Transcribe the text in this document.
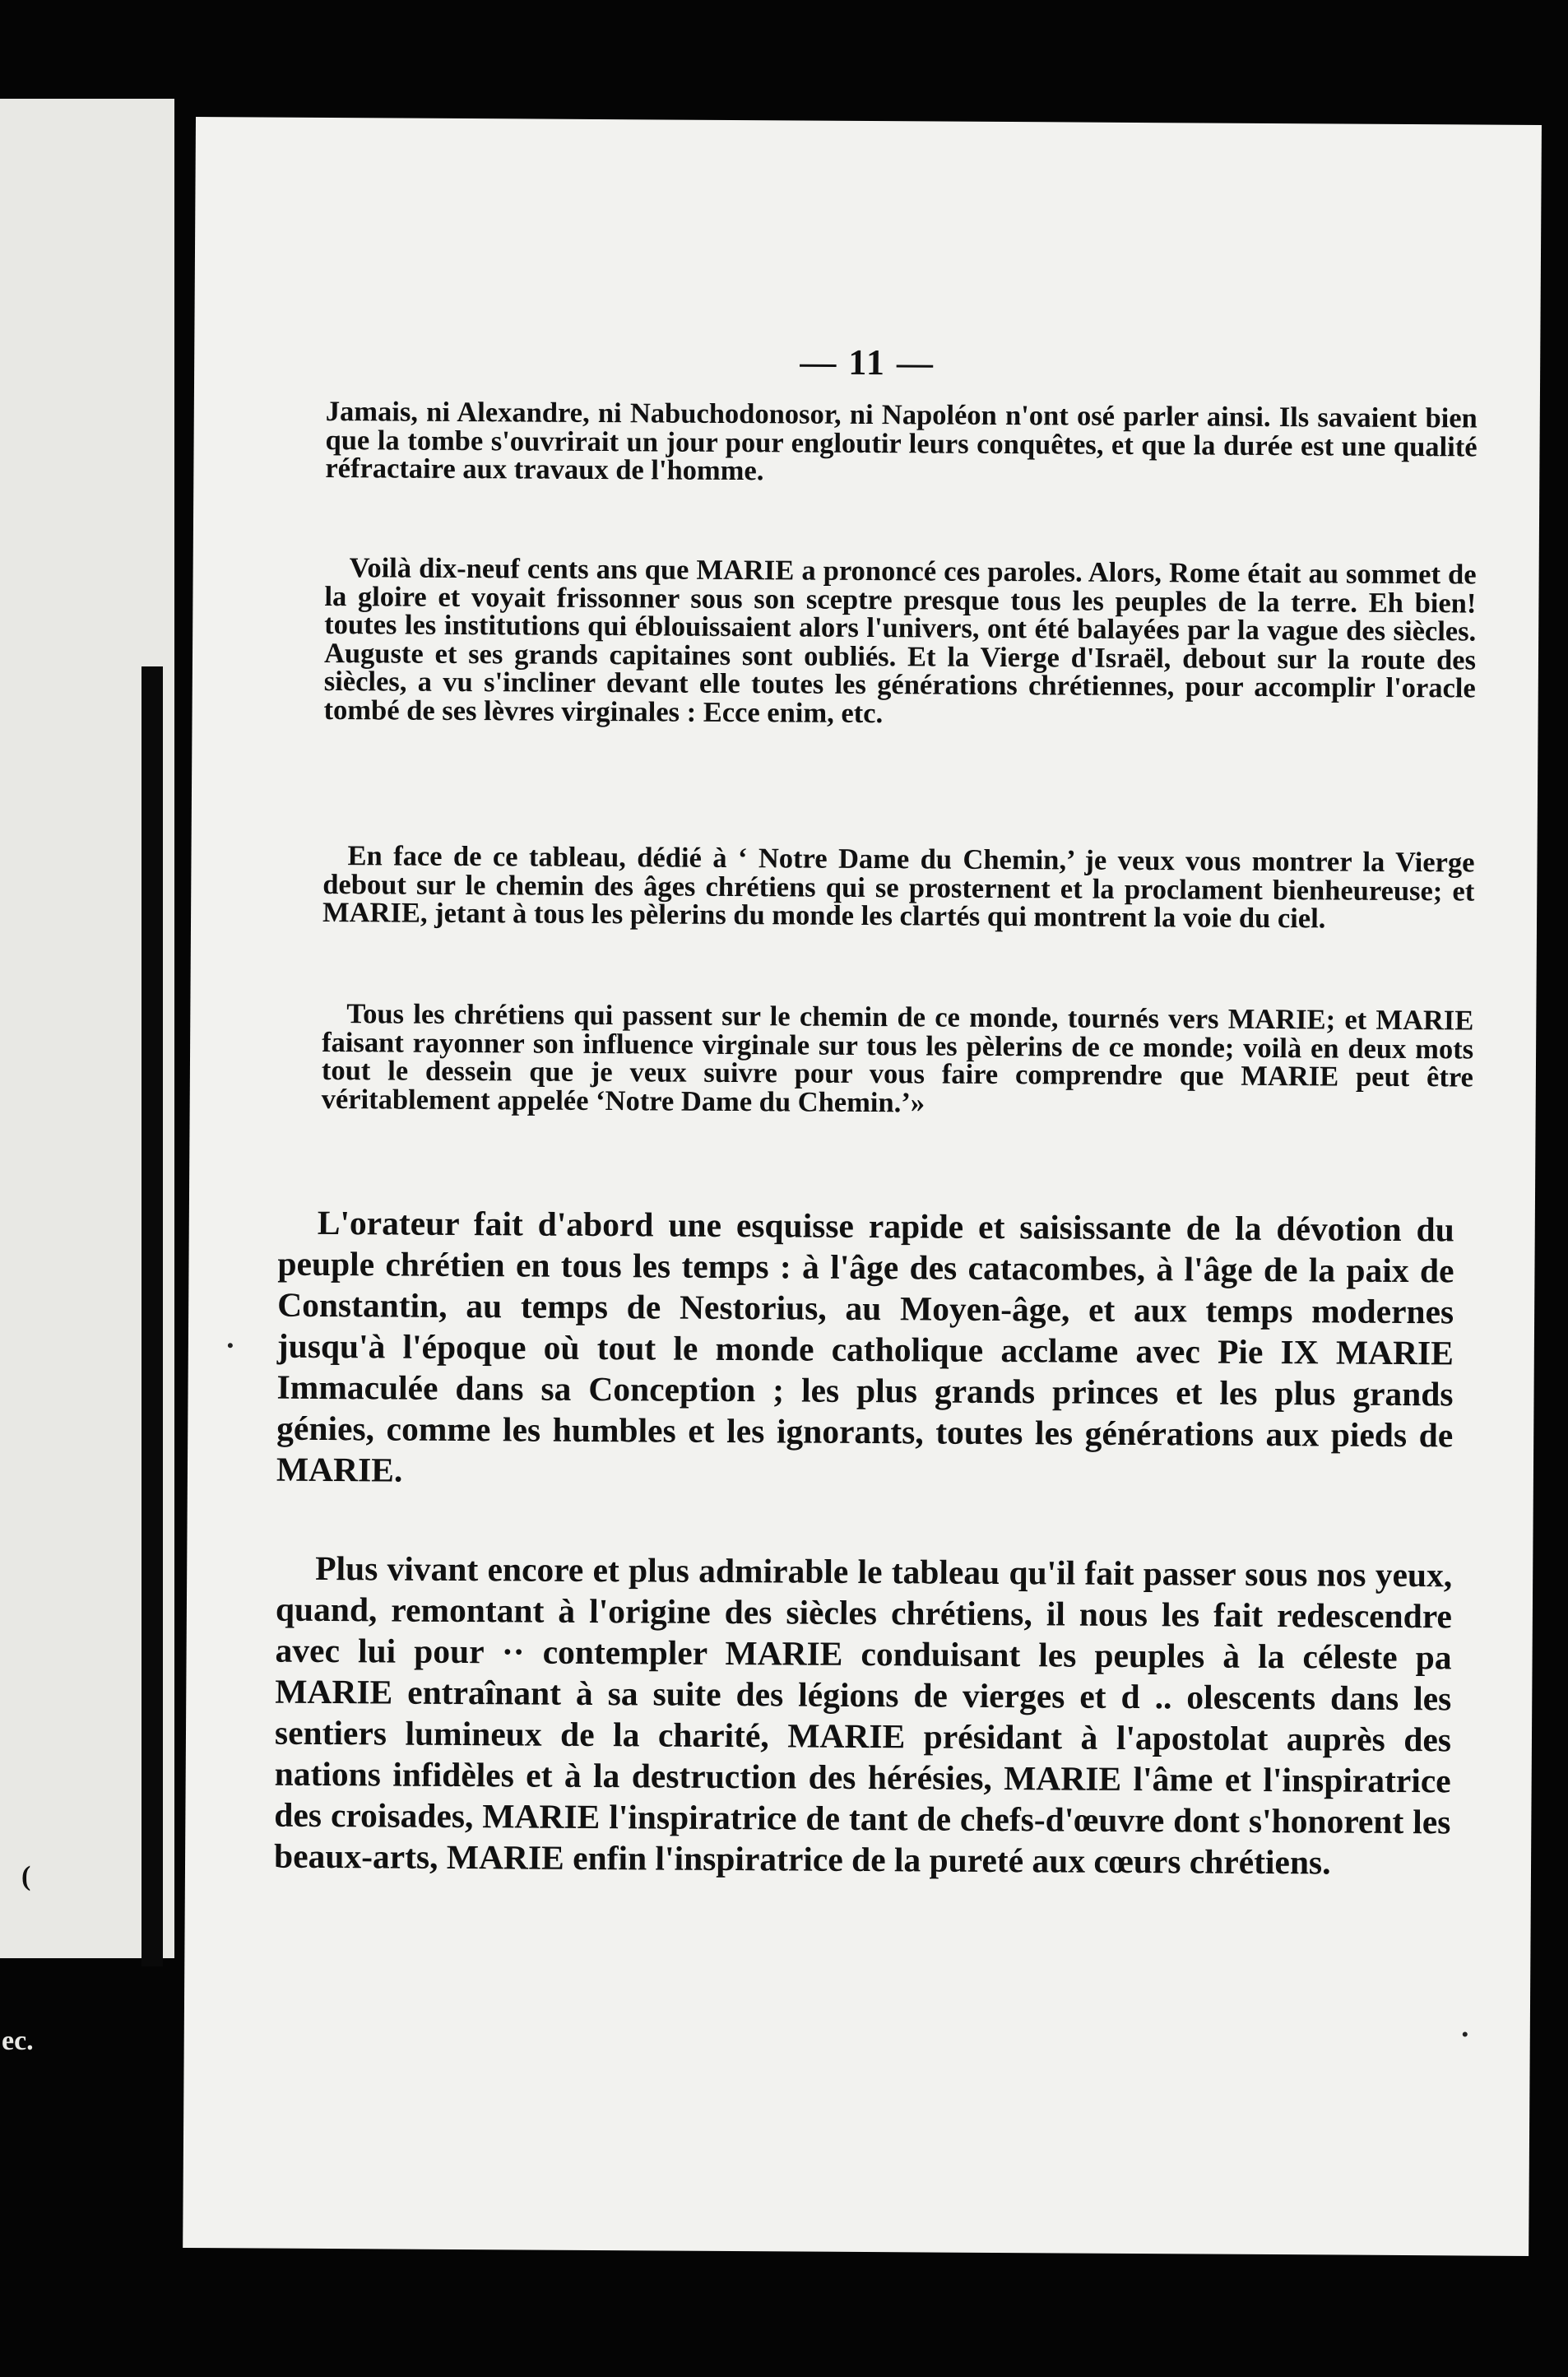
(
ec.
— 11 —

Jamais, ni Alexandre, ni Nabuchodonosor, ni Napoléon n'ont osé parler ainsi. Ils savaient bien que la tombe s'ouvrirait un jour pour engloutir leurs conquêtes, et que la durée est une qualité réfractaire aux travaux de l'homme.

Voilà dix-neuf cents ans que MARIE a prononcé ces paroles. Alors, Rome était au sommet de la gloire et voyait frissonner sous son sceptre presque tous les peuples de la terre. Eh bien! toutes les institutions qui éblouissaient alors l'univers, ont été balayées par la vague des siècles. Auguste et ses grands capitaines sont oubliés. Et la Vierge d'Israël, debout sur la route des siècles, a vu s'incliner devant elle toutes les générations chrétiennes, pour accomplir l'oracle tombé de ses lèvres virginales : Ecce enim, etc.

En face de ce tableau, dédié à ‘ Notre Dame du Chemin,’ je veux vous montrer la Vierge debout sur le chemin des âges chrétiens qui se prosternent et la proclament bienheureuse; et MARIE, jetant à tous les pèlerins du monde les clartés qui montrent la voie du ciel.

Tous les chrétiens qui passent sur le chemin de ce monde, tournés vers MARIE; et MARIE faisant rayonner son influence virginale sur tous les pèlerins de ce monde; voilà en deux mots tout le dessein que je veux suivre pour vous faire comprendre que MARIE peut être véritablement appelée ‘Notre Dame du Chemin.’»

L'orateur fait d'abord une esquisse rapide et saisissante de la dévotion du peuple chrétien en tous les temps : à l'âge des catacombes, à l'âge de la paix de Constantin, au temps de Nestorius, au Moyen-âge, et aux temps modernes jusqu'à l'époque où tout le monde catholique acclame avec Pie IX MARIE Immaculée dans sa Conception ; les plus grands princes et les plus grands génies, comme les humbles et les ignorants, toutes les générations aux pieds de MARIE.

Plus vivant encore et plus admirable le tableau qu'il fait passer sous nos yeux, quand, remontant à l'origine des siècles chrétiens, il nous les fait redescendre avec lui pour ·· contempler MARIE conduisant les peuples à la céleste pa MARIE entraînant à sa suite des légions de vierges et d .. olescents dans les sentiers lumineux de la charité, MARIE présidant à l'apostolat auprès des nations infidèles et à la destruction des hérésies, MARIE l'âme et l'inspiratrice des croisades, MARIE l'inspiratrice de tant de chefs-d'œuvre dont s'honorent les beaux-arts, MARIE enfin l'inspiratrice de la pureté aux cœurs chrétiens.
